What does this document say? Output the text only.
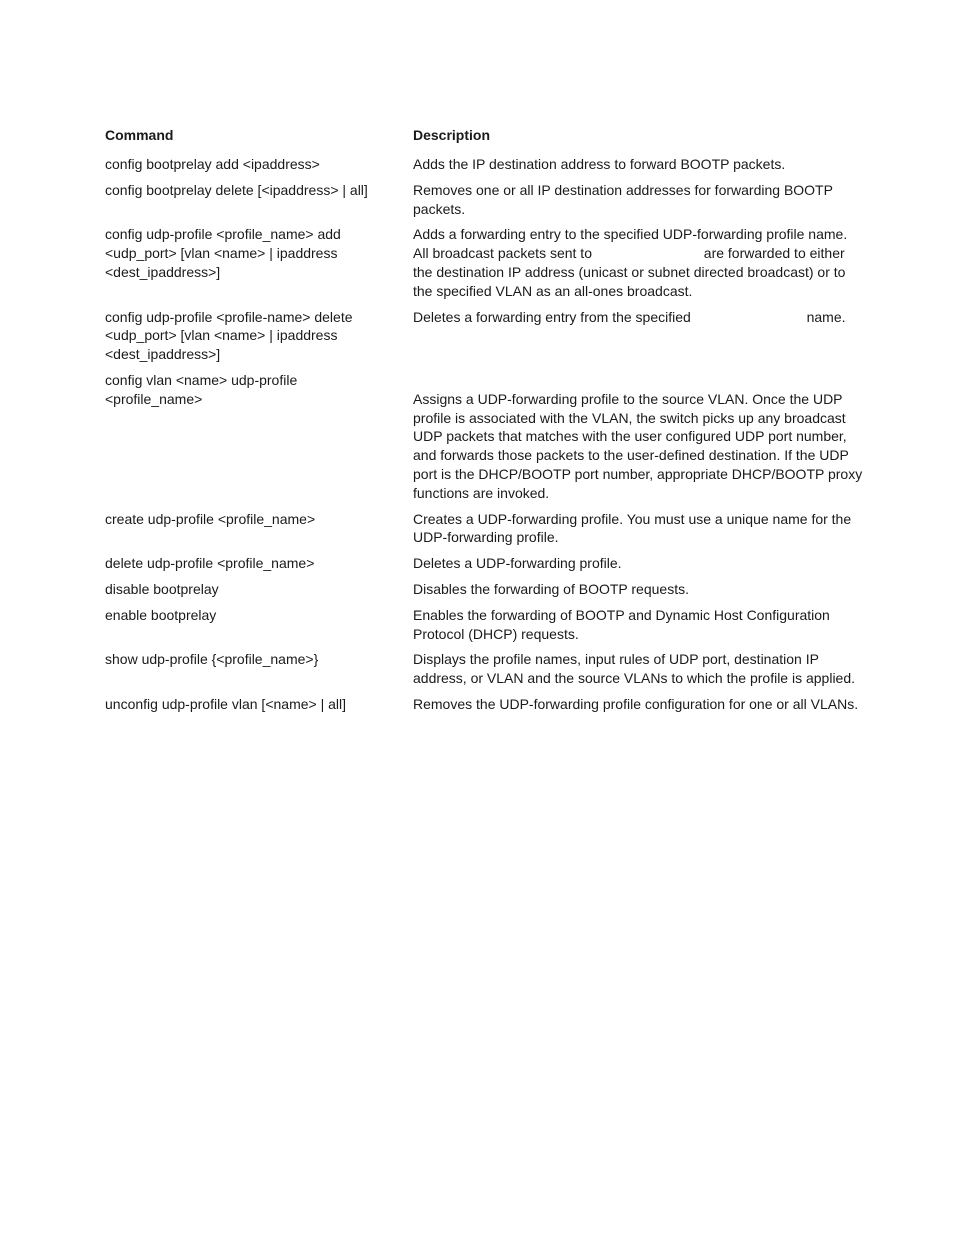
Command	Description
config bootprelay add <ipaddress>	Adds the IP destination address to forward BOOTP packets.
config bootprelay delete [<ipaddress> | all]	Removes one or all IP destination addresses for forwarding BOOTP packets.
config udp-profile <profile_name> add <udp_port> [vlan <name> | ipaddress <dest_ipaddress>]	Adds a forwarding entry to the specified UDP-forwarding profile name. All broadcast packets sent to are forwarded to either the destination IP address (unicast or subnet directed broadcast) or to the specified VLAN as an all-ones broadcast.
config udp-profile <profile-name> delete <udp_port> [vlan <name> | ipaddress <dest_ipaddress>]	Deletes a forwarding entry from the specified name.
config vlan <name> udp-profile <profile_name>	Assigns a UDP-forwarding profile to the source VLAN. Once the UDP profile is associated with the VLAN, the switch picks up any broadcast UDP packets that matches with the user configured UDP port number, and forwards those packets to the user-defined destination. If the UDP port is the DHCP/BOOTP port number, appropriate DHCP/BOOTP proxy functions are invoked.
create udp-profile <profile_name>	Creates a UDP-forwarding profile. You must use a unique name for the UDP-forwarding profile.
delete udp-profile <profile_name>	Deletes a UDP-forwarding profile.
disable bootprelay	Disables the forwarding of BOOTP requests.
enable bootprelay	Enables the forwarding of BOOTP and Dynamic Host Configuration Protocol (DHCP) requests.
show udp-profile {<profile_name>}	Displays the profile names, input rules of UDP port, destination IP address, or VLAN and the source VLANs to which the profile is applied.
unconfig udp-profile vlan [<name> | all]	Removes the UDP-forwarding profile configuration for one or all VLANs.
